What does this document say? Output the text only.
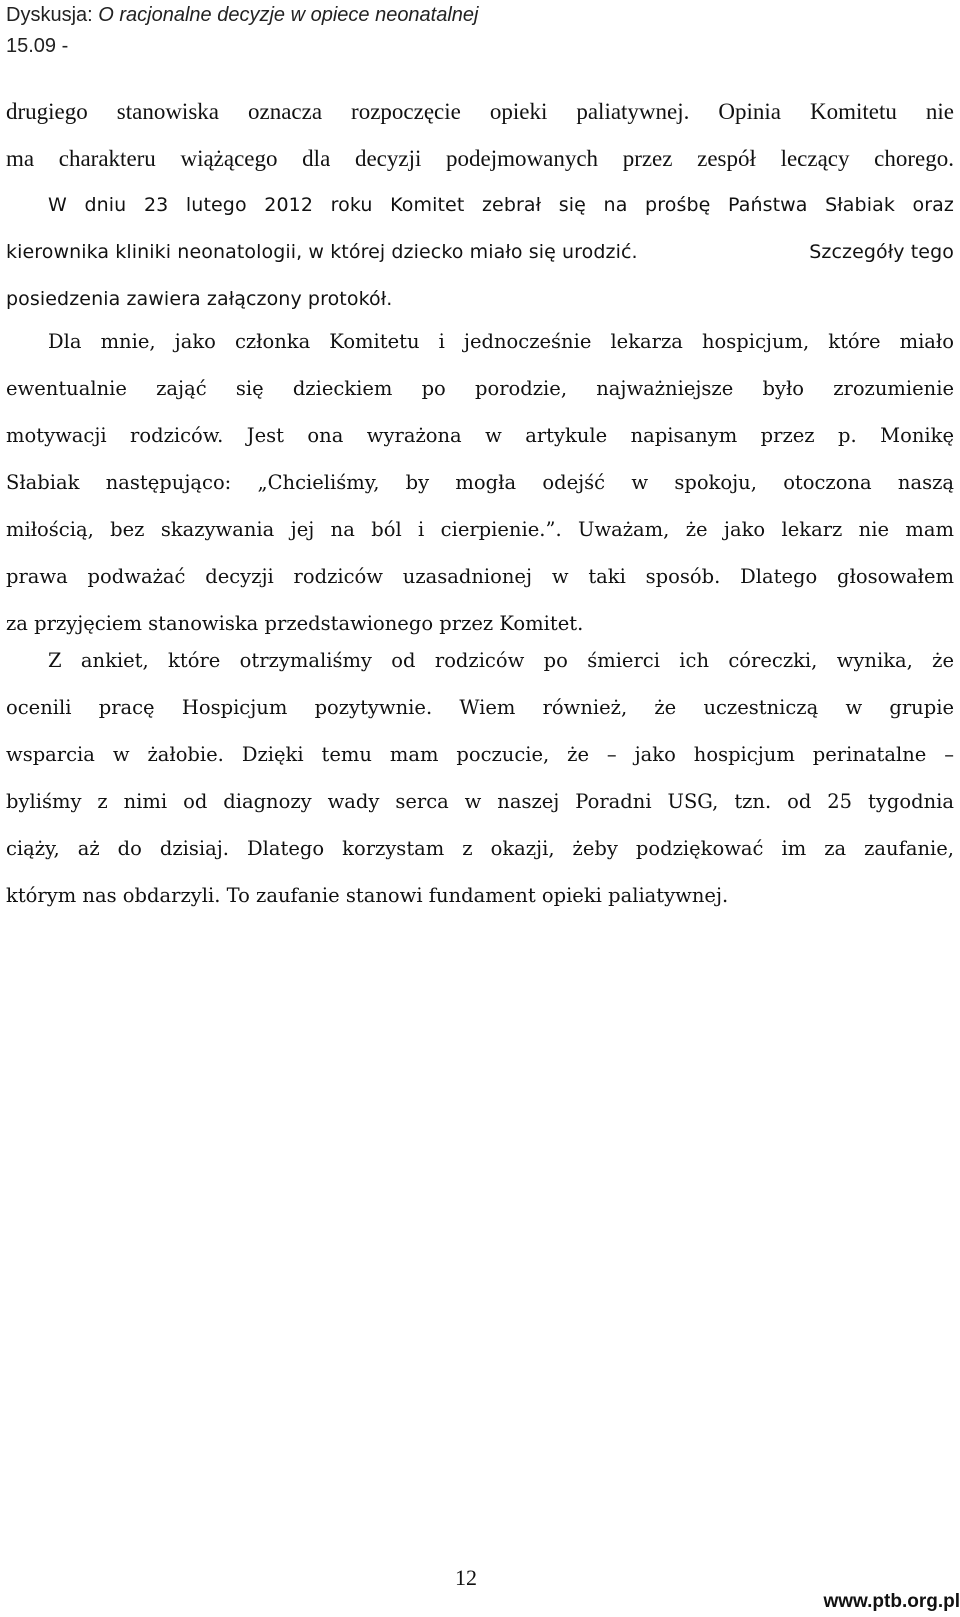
Dyskusja: O racjonalne decyzje w opiece neonatalnej
15.09 -
drugiego stanowiska oznacza rozpoczęcie opieki paliatywnej. Opinia Komitetu nie
ma charakteru wiążącego dla decyzji podejmowanych przez zespół leczący chorego.
W dniu 23 lutego 2012 roku Komitet zebrał się na prośbę Państwa Słabiak oraz
kierownika kliniki neonatologii, w której dziecko miało się urodzić.	Szczegóły tego
posiedzenia zawiera załączony protokół.
Dla mnie, jako członka Komitetu i jednocześnie lekarza hospicjum, które miało
ewentualnie zająć się dzieckiem po porodzie, najważniejsze było zrozumienie
motywacji rodziców. Jest ona wyrażona w artykule napisanym przez p. Monikę
Słabiak następująco: „Chcieliśmy, by mogła odejść w spokoju, otoczona naszą
miłością, bez skazywania jej na ból i cierpienie.”. Uważam, że jako lekarz nie mam
prawa podważać decyzji rodziców uzasadnionej w taki sposób. Dlatego głosowałem
za przyjęciem stanowiska przedstawionego przez Komitet.
Z ankiet, które otrzymaliśmy od rodziców po śmierci ich córeczki, wynika, że
ocenili pracę Hospicjum pozytywnie. Wiem również, że uczestniczą w grupie
wsparcia w żałobie. Dzięki temu mam poczucie, że – jako hospicjum perinatalne –
byliśmy z nimi od diagnozy wady serca w naszej Poradni USG, tzn. od 25 tygodnia
ciąży, aż do dzisiaj. Dlatego korzystam z okazji, żeby podziękować im za zaufanie,
którym nas obdarzyli. To zaufanie stanowi fundament opieki paliatywnej.
12
www.ptb.org.pl
